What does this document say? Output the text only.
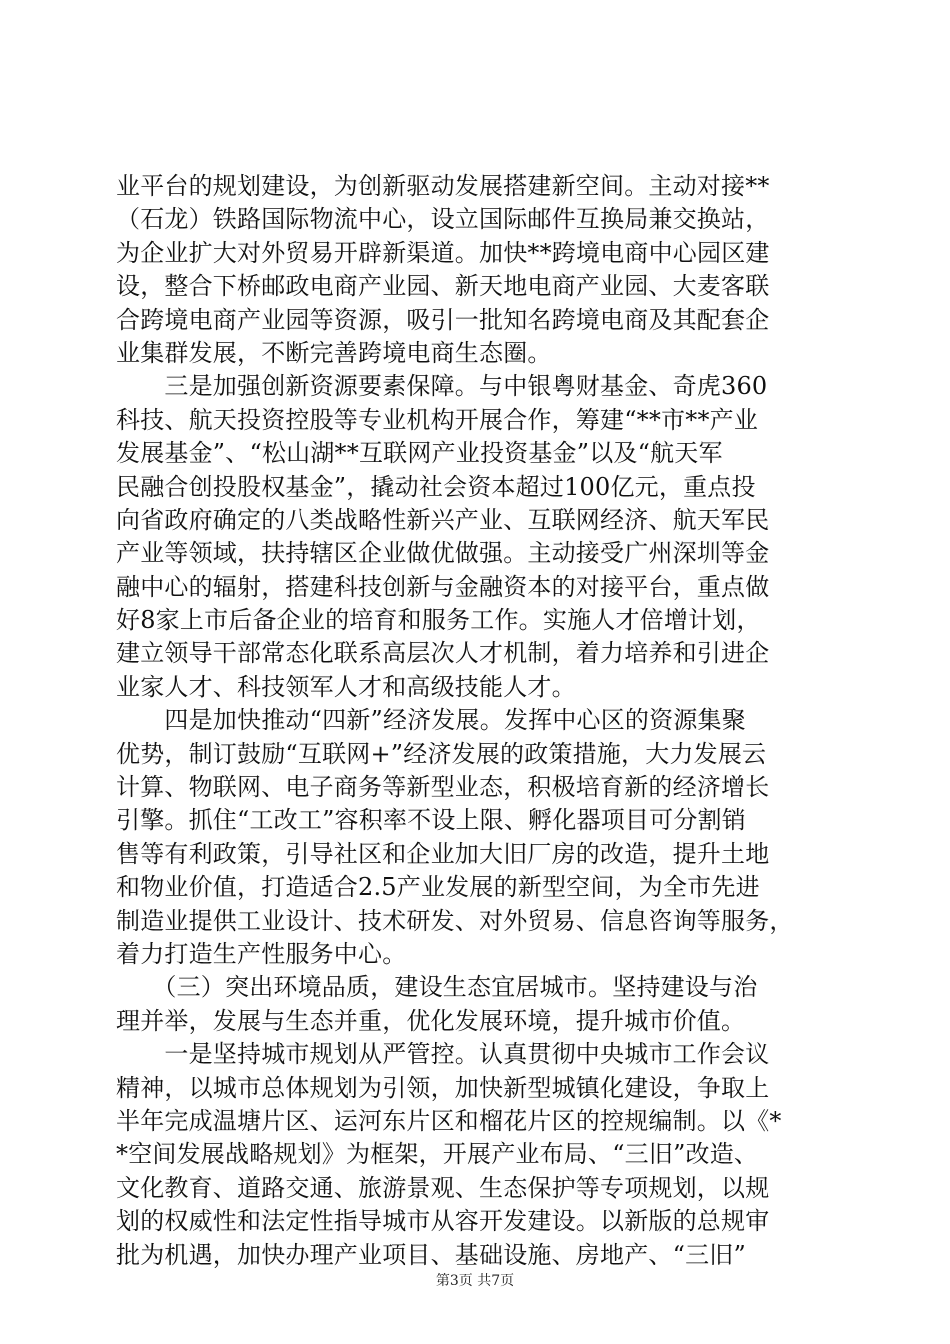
业平台的规划建设，为创新驱动发展搭建新空间。主动对接**
（石龙）铁路国际物流中心，设立国际邮件互换局兼交换站，
为企业扩大对外贸易开辟新渠道。加快**跨境电商中心园区建
设，整合下桥邮政电商产业园、新天地电商产业园、大麦客联
合跨境电商产业园等资源，吸引一批知名跨境电商及其配套企
业集群发展，不断完善跨境电商生态圈。
　　三是加强创新资源要素保障。与中银粤财基金、奇虎360
科技、航天投资控股等专业机构开展合作，筹建“**市**产业
发展基金”、“松山湖**互联网产业投资基金”以及“航天军
民融合创投股权基金”，撬动社会资本超过100亿元，重点投
向省政府确定的八类战略性新兴产业、互联网经济、航天军民
产业等领域，扶持辖区企业做优做强。主动接受广州深圳等金
融中心的辐射，搭建科技创新与金融资本的对接平台，重点做
好8家上市后备企业的培育和服务工作。实施人才倍增计划，
建立领导干部常态化联系高层次人才机制，着力培养和引进企
业家人才、科技领军人才和高级技能人才。
　　四是加快推动“四新”经济发展。发挥中心区的资源集聚
优势，制订鼓励“互联网+”经济发展的政策措施，大力发展云
计算、物联网、电子商务等新型业态，积极培育新的经济增长
引擎。抓住“工改工”容积率不设上限、孵化器项目可分割销
售等有利政策，引导社区和企业加大旧厂房的改造，提升土地
和物业价值，打造适合2.5产业发展的新型空间，为全市先进
制造业提供工业设计、技术研发、对外贸易、信息咨询等服务，
着力打造生产性服务中心。
　　（三）突出环境品质，建设生态宜居城市。坚持建设与治
理并举，发展与生态并重，优化发展环境，提升城市价值。
　　一是坚持城市规划从严管控。认真贯彻中央城市工作会议
精神，以城市总体规划为引领，加快新型城镇化建设，争取上
半年完成温塘片区、运河东片区和榴花片区的控规编制。以《*
*空间发展战略规划》为框架，开展产业布局、“三旧”改造、
文化教育、道路交通、旅游景观、生态保护等专项规划，以规
划的权威性和法定性指导城市从容开发建设。以新版的总规审
批为机遇，加快办理产业项目、基础设施、房地产、“三旧”
第3页 共7页
